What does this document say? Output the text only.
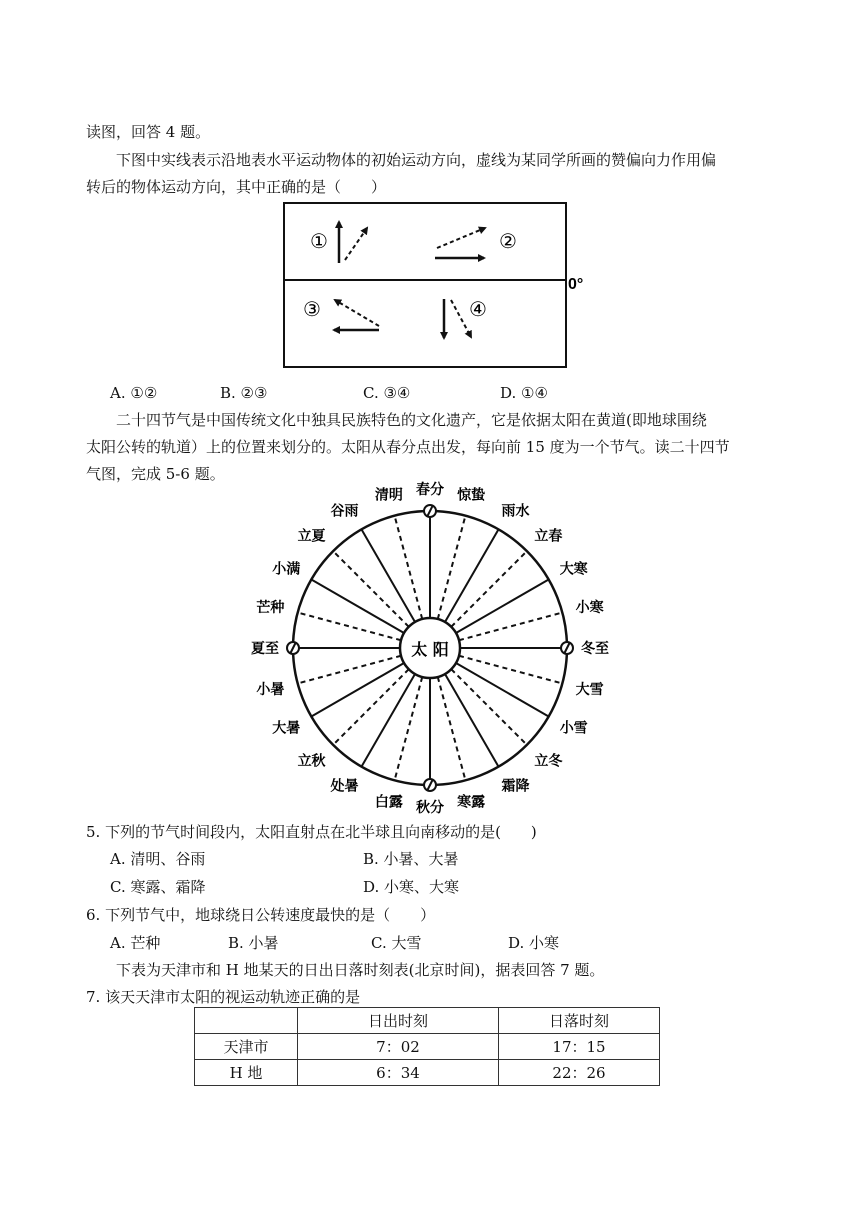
读图，回答 4 题。
下图中实线表示沿地表水平运动物体的初始运动方向，虚线为某同学所画的赞偏向力作用偏
转后的物体运动方向，其中正确的是（　　）
0°
①	②
③	④
A. ①②	B. ②③	C. ③④	D. ①④
二十四节气是中国传统文化中独具民族特色的文化遗产，它是依据太阳在黄道(即地球围绕
太阳公转的轨道）上的位置来划分的。太阳从春分点出发，每向前 15 度为一个节气。读二十四节
气图，完成 5-6 题。
太 阳
春分 惊蛰
雨水
立春
大寒
小寒
冬至
大雪
小雪
立冬
霜降
寒露
秋分
白露
处暑
立秋
大暑
小暑
夏至
芒种
小满
立夏
谷雨
清明
5. 下列的节气时间段内，太阳直射点在北半球且向南移动的是(　　)
A. 清明、谷雨	B. 小暑、大暑
C. 寒露、霜降	D. 小寒、大寒
6. 下列节气中，地球绕日公转速度最快的是（　　）
A. 芒种	B. 小暑	C. 大雪	D. 小寒
下表为天津市和 H 地某天的日出日落时刻表(北京时间)，据表回答 7 题。
7. 该天天津市太阳的视运动轨迹正确的是
	日出时刻	日落时刻
天津市	7：02	17：15
H 地	6：34	22：26
